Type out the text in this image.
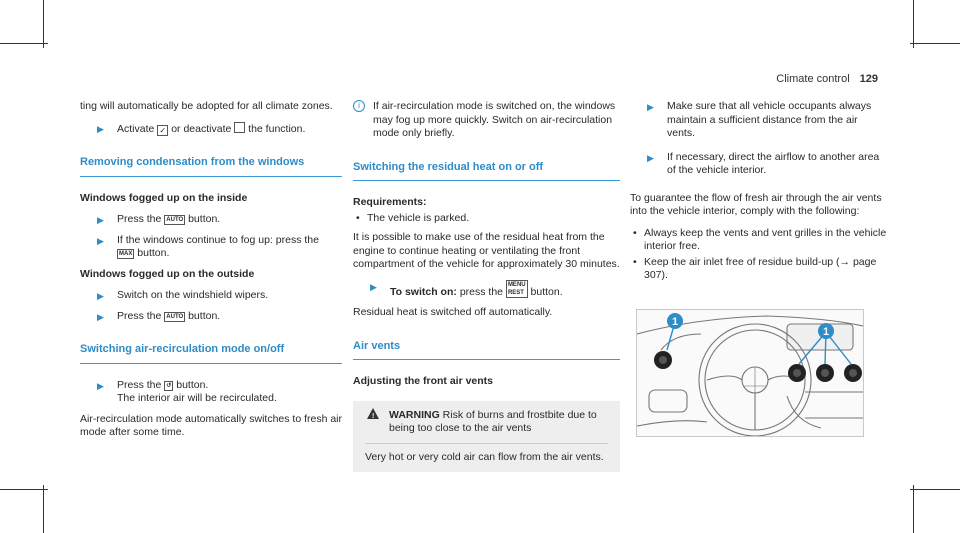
Climate control 129

ting will automatically be adopted for all climate zones.

▶ Activate ✓ or deactivate the function.
Removing condensation from the windows
Windows fogged up on the inside
▶ Press the AUTO button.
▶ If the windows continue to fog up: press the
MAX button.
Windows fogged up on the outside
▶ Switch on the windshield wipers.
▶ Press the AUTO button.
Switching air-recirculation mode on/off
▶ Press the ↺ button.
The interior air will be recirculated.

Air-recirculation mode automatically switches to fresh air mode after some time.

i	If air-recirculation mode is switched on, the windows may fog up more quickly. Switch on air-recirculation mode only briefly.
Switching the residual heat on or off
Requirements:
• The vehicle is parked.

It is possible to make use of the residual heat from the engine to continue heating or ventilating the front compartment of the vehicle for approximately 30 minutes.

▶ To switch on: press the MENU
REST button.

Residual heat is switched off automatically.

Air vents
Adjusting the front air vents
! WARNING Risk of burns and frostbite due to being too close to the air vents
Very hot or very cold air can flow from the air vents.
▶ Make sure that all vehicle occupants always maintain a sufficient distance from the air vents.
▶ If necessary, direct the airflow to another area of the vehicle interior.

To guarantee the flow of fresh air through the air vents into the vehicle interior, comply with the following:

• Always keep the vents and vent grilles in the vehicle interior free.
• Keep the air inlet free of residue build-up (→ page 307).
1
1
